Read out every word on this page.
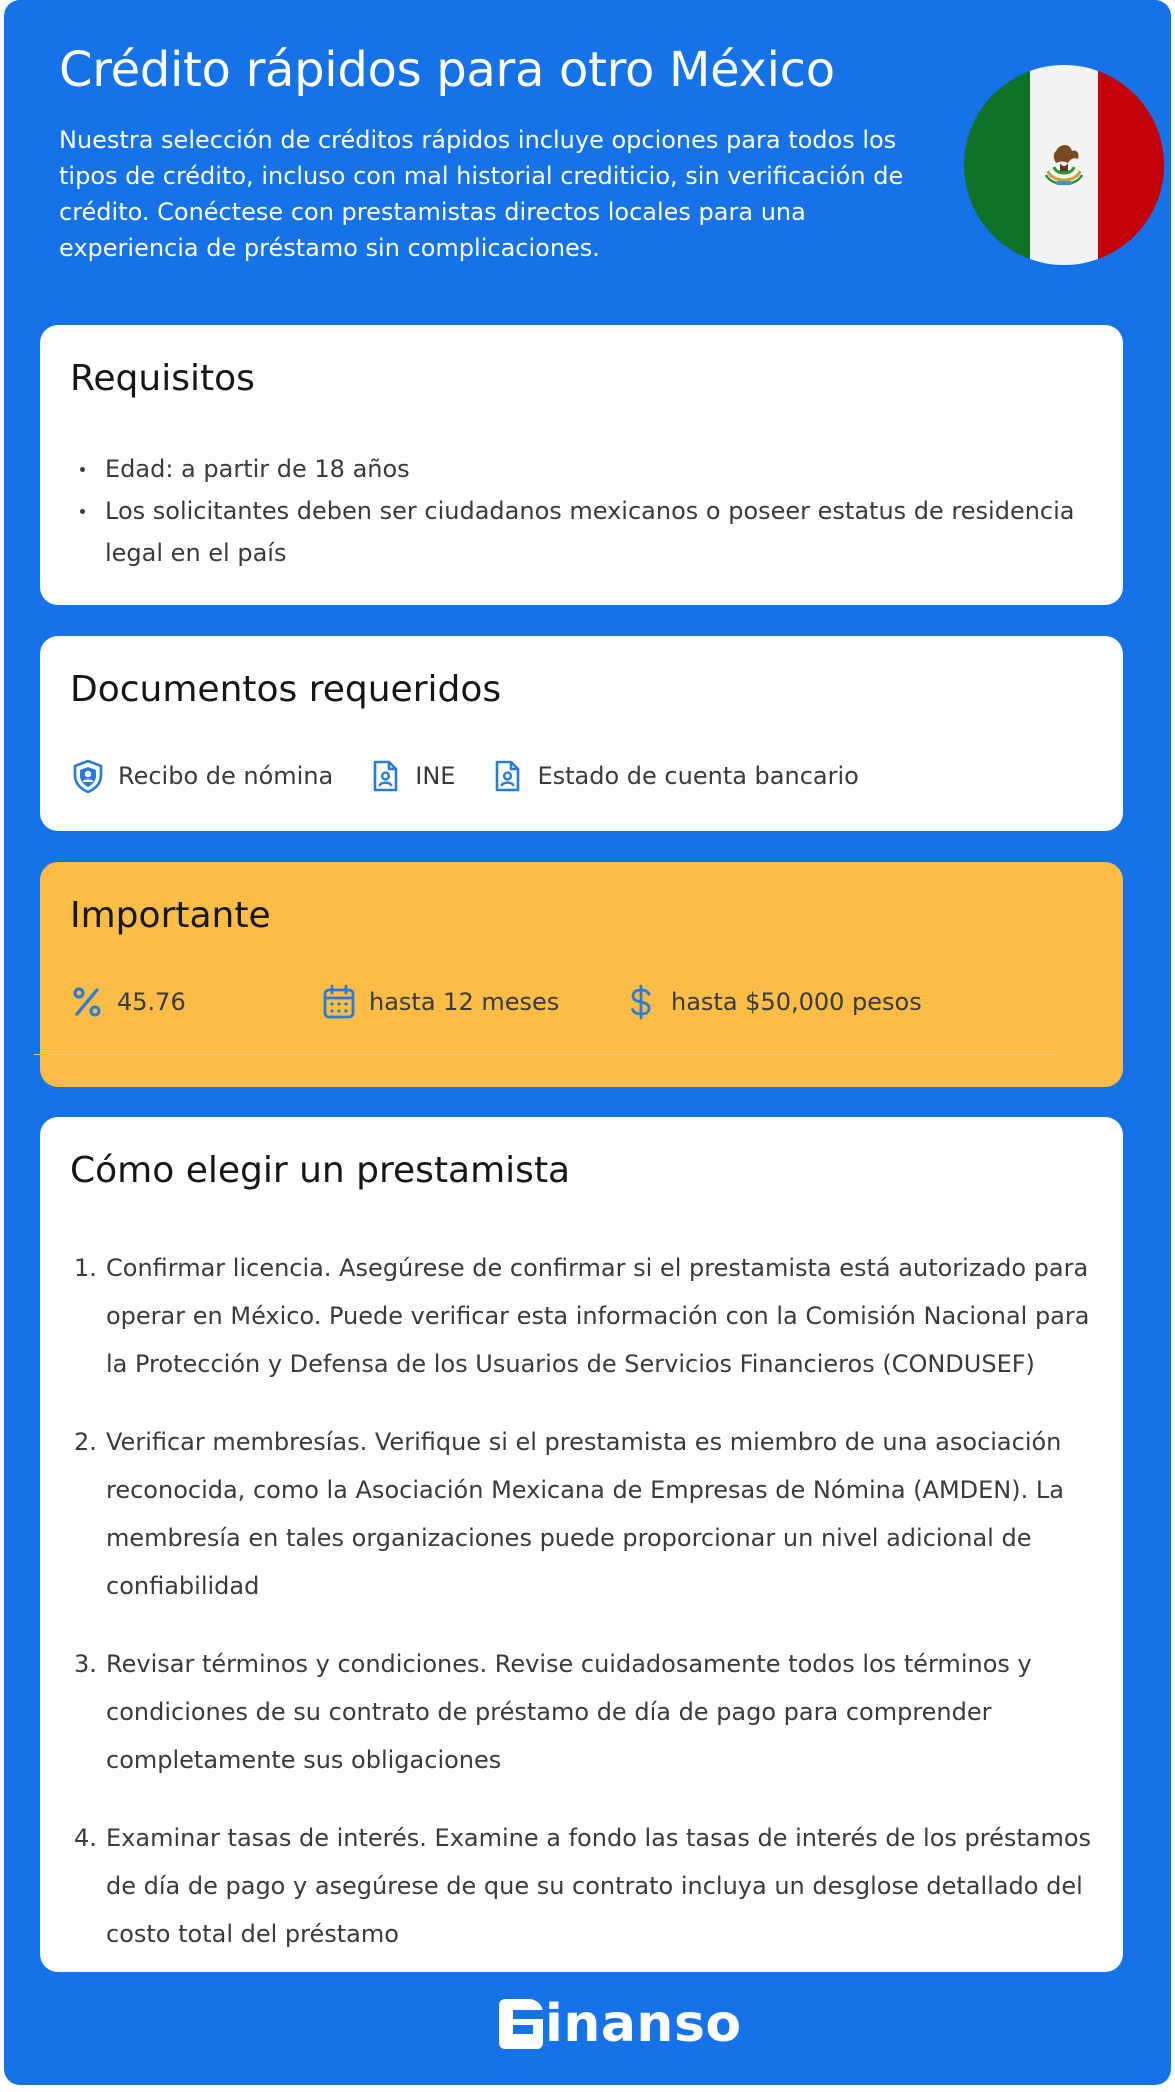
Crédito rápidos para otro México

Nuestra selección de créditos rápidos incluye opciones para todos los tipos de crédito, incluso con mal historial crediticio, sin verificación de crédito. Conéctese con prestamistas directos locales para una experiencia de préstamo sin complicaciones.

Requisitos
Edad: a partir de 18 años
Los solicitantes deben ser ciudadanos mexicanos o poseer estatus de residencia legal en el país
Documentos requeridos
Recibo de nómina	INE	Estado de cuenta bancario
Importante
45.76	hasta 12 meses	hasta $50,000 pesos
Cómo elegir un prestamista
1. Confirmar licencia. Asegúrese de confirmar si el prestamista está autorizado para operar en México. Puede verificar esta información con la Comisión Nacional para la Protección y Defensa de los Usuarios de Servicios Financieros (CONDUSEF)
2. Verificar membresías. Verifique si el prestamista es miembro de una asociación reconocida, como la Asociación Mexicana de Empresas de Nómina (AMDEN). La membresía en tales organizaciones puede proporcionar un nivel adicional de confiabilidad
3. Revisar términos y condiciones. Revise cuidadosamente todos los términos y condiciones de su contrato de préstamo de día de pago para comprender completamente sus obligaciones
4. Examinar tasas de interés. Examine a fondo las tasas de interés de los préstamos de día de pago y asegúrese de que su contrato incluya un desglose detallado del costo total del préstamo
inanso
